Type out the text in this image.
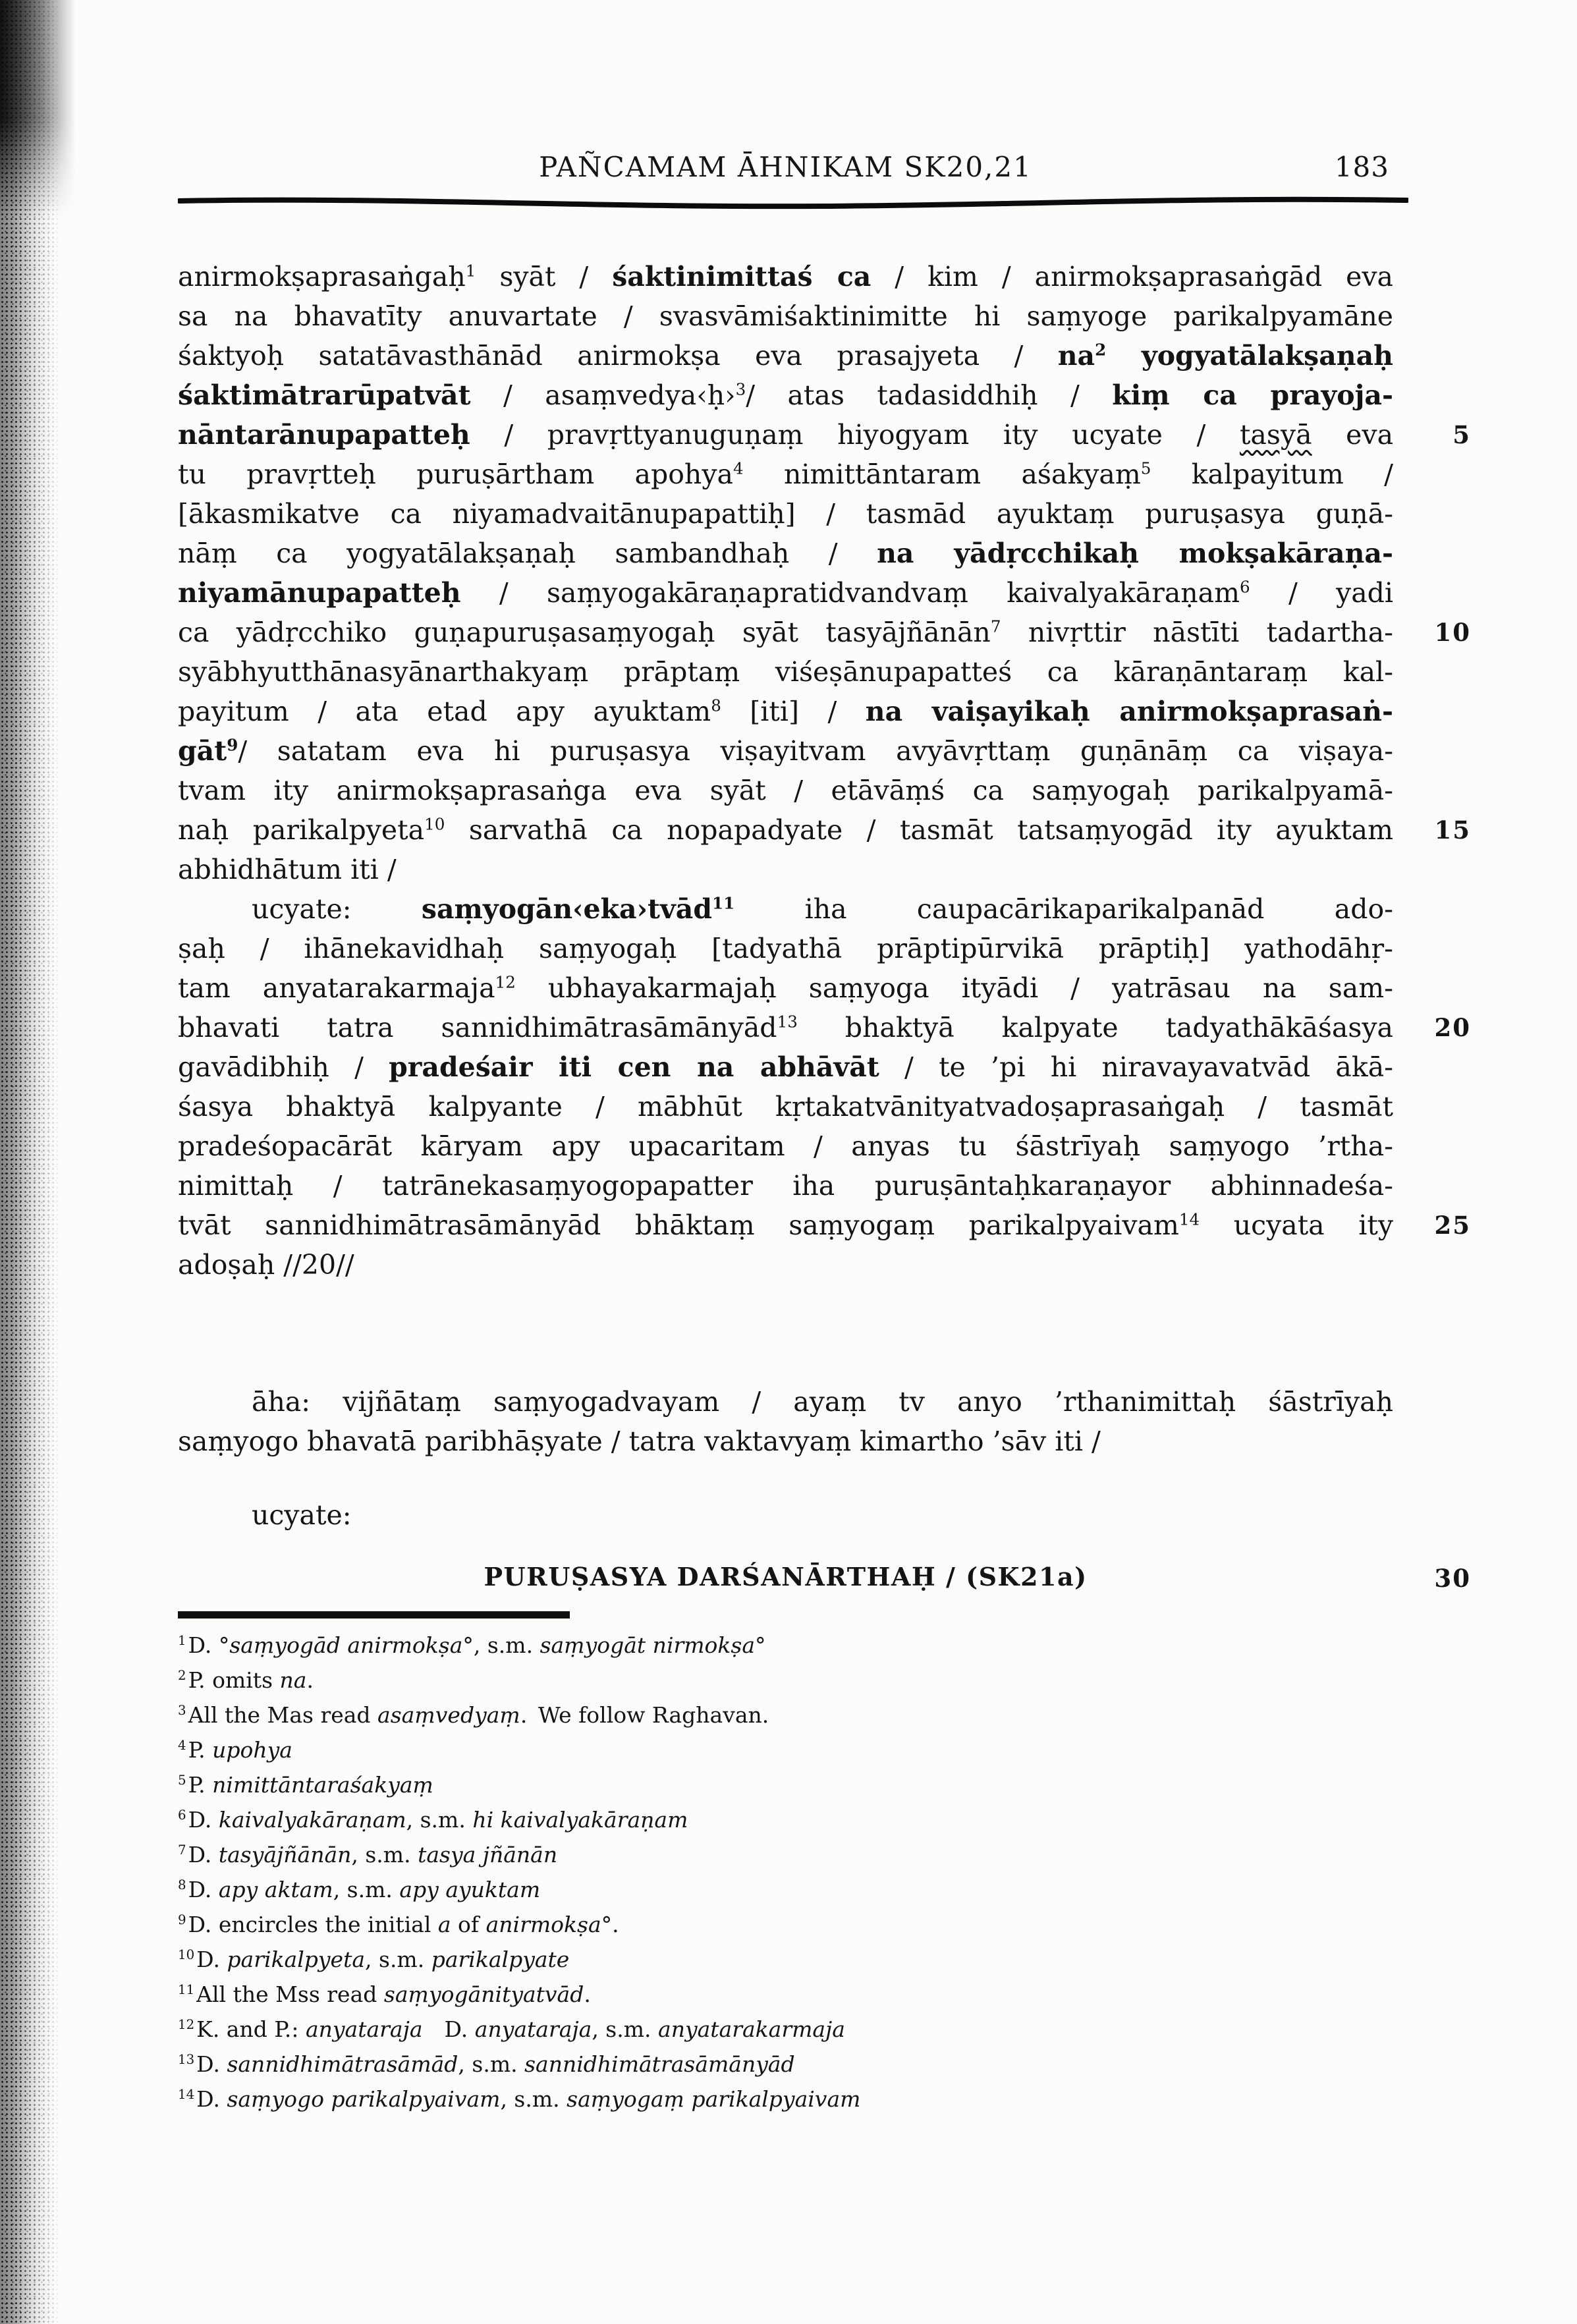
PAÑCAMAM ĀHNIKAM SK20,21	183
anirmokṣaprasaṅgaḥ$^1$ syāt / śaktinimittaś ca / kim / anirmokṣaprasaṅgād eva
sa na bhavatīty anuvartate / svasvāmiśaktinimitte hi saṃyoge parikalpyamāne
śaktyoḥ satatāvasthānād anirmokṣa eva prasajyeta / $na^2$ yogyatālakṣaṇaḥ
śaktimātrarūpatvāt / asaṃvedya‹ḥ›$^3$/ atas tadasiddhiḥ / kiṃ ca prayoja-
nāntarānupapatteḥ / pravṛttyanuguṇaṃ hiyogyam ity ucyate / tasyā eva 5
tu pravṛtteḥ puruṣārtham apohya$^4$ nimittāntaram aśakyaṃ$^5$ kalpayitum /
[ākasmikatve ca niyamadvaitānupapattiḥ] / tasmād ayuktaṃ puruṣasya guṇā-
nāṃ ca yogyatālakṣaṇaḥ sambandhaḥ / na yādṛcchikaḥ mokṣakāraṇa-
niyamānupapatteḥ / saṃyogakāraṇapratidvandvaṃ kaivalyakāraṇam$^6$ / yadi
ca yādṛcchiko guṇapuruṣasaṃyogaḥ syāt tasyājñānān$^7$ nivṛttir nāstīti tadartha- 10
syābhyutthānasyānarthakyaṃ prāptaṃ viśeṣānupapatteś ca kāraṇāntaraṃ kal-
payitum / ata etad apy ayuktam$^8$ [iti] / na vaiṣayikaḥ anirmokṣaprasaṅ-
gāt$^9$/ satatam eva hi puruṣasya viṣayitvam avyāvṛttaṃ guṇānāṃ ca viṣaya-
tvam ity anirmokṣaprasaṅga eva syāt / etāvāṃś ca saṃyogaḥ parikalpyamā-
naḥ parikalpyeta$^{10}$ sarvathā ca nopapadyate / tasmāt tatsaṃyogād ity ayuktam 15
abhidhātum iti /
ucyate: saṃyogān‹eka›tvād$^{11}$ iha caupacārikaparikalpanād ado-
ṣaḥ / ihānekavidhaḥ saṃyogaḥ [tadyathā prāptipūrvikā prāptiḥ] yathodāhṛ-
tam anyatarakarmaja$^{12}$ ubhayakarmajaḥ saṃyoga ityādi / yatrāsau na sam-
bhavati tatra sannidhimātrasāmānyād$^{13}$ bhaktyā kalpyate tadyathākāśasya 20
gavādibhiḥ / pradeśair iti cen na abhāvāt / te ’pi hi niravayavatvād ākā-
śasya bhaktyā kalpyante / mābhūt kṛtakatvānityatvadoṣaprasaṅgaḥ / tasmāt
pradeśopacārāt kāryam apy upacaritam / anyas tu śāstrīyaḥ saṃyogo ’rtha-
nimittaḥ / tatrānekasaṃyogopapatter iha puruṣāntaḥkaraṇayor abhinnadeśa-
tvāt sannidhimātrasāmānyād bhāktaṃ saṃyogaṃ parikalpyaivam$^{14}$ ucyata ity 25
adoṣaḥ //20//
āha: vijñātaṃ saṃyogadvayam / ayaṃ tv anyo ’rthanimittaḥ śāstrīyaḥ
saṃyogo bhavatā paribhāṣyate / tatra vaktavyaṃ kimartho ’sāv iti /
ucyate:
PURUṢASYA DARŚANĀRTHAḤ / (SK21a)	30
$^1$D. °saṃyogād anirmokṣa°, s.m. saṃyogāt nirmokṣa°
$^2$P. omits na.
$^3$All the Mas read asaṃvedyaṃ. We follow Raghavan.
$^4$P. upohya
$^5$P. nimittāntaraśakyaṃ
$^6$D. kaivalyakāraṇam, s.m. hi kaivalyakāraṇam
$^7$D. tasyājñānān, s.m. tasya jñānān
$^8$D. apy aktam, s.m. apy ayuktam
$^9$D. encircles the initial a of anirmokṣa°.
$^{10}$D. parikalpyeta, s.m. parikalpyate
$^{11}$All the Mss read saṃyogānityatvād.
$^{12}$K. and P.: anyataraja D. anyataraja, s.m. anyatarakarmaja
$^{13}$D. sannidhimātrasāmād, s.m. sannidhimātrasāmānyād
$^{14}$D. saṃyogo parikalpyaivam, s.m. saṃyogaṃ parikalpyaivam
